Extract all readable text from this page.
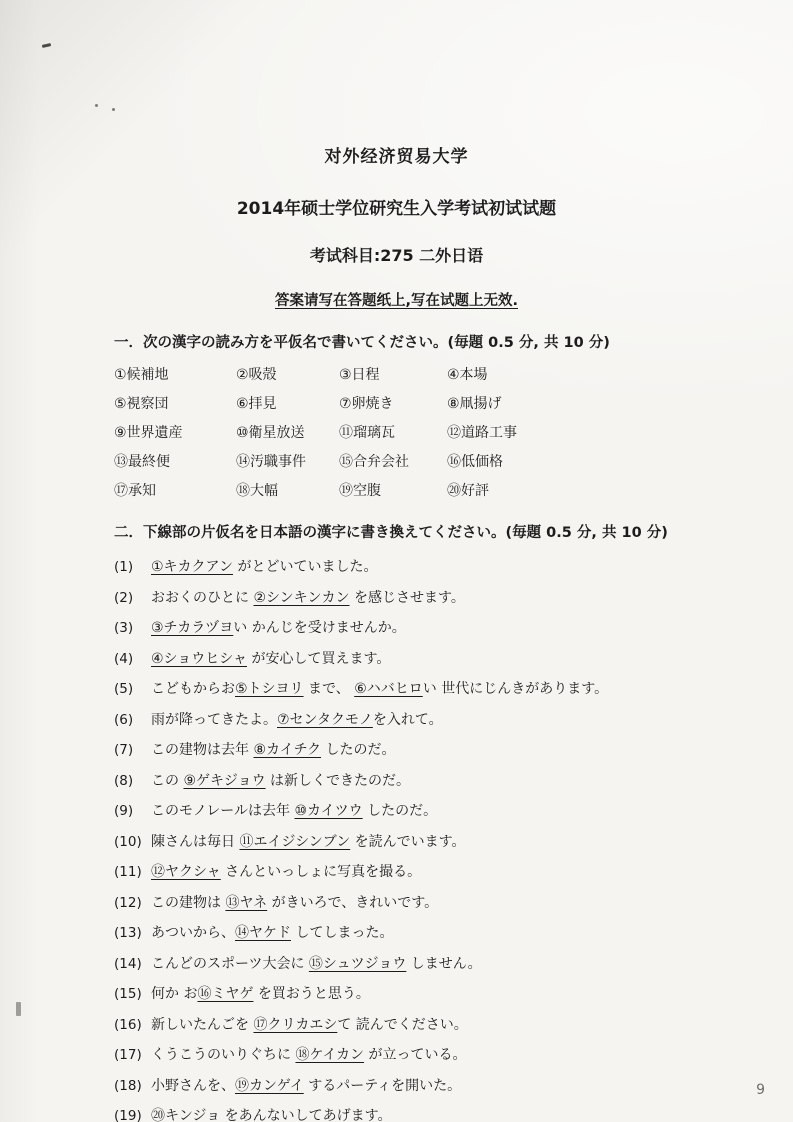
对外经济贸易大学
2014年硕士学位研究生入学考试初试试题
考试科目:275 二外日语
答案请写在答题纸上,写在试题上无效.
一．次の漢字の読み方を平仮名で書いてください。(毎題 0.5 分, 共 10 分)
①候補地	②吸殻	③日程	④本場
⑤視察団	⑥拝見	⑦卵焼き	⑧凧揚げ
⑨世界遺産	⑩衛星放送	⑪瑠璃瓦	⑫道路工事
⑬最終便	⑭汚職事件	⑮合弁会社	⑯低価格
⑰承知	⑱大幅	⑲空腹	⑳好評
二．下線部の片仮名を日本語の漢字に書き換えてください。(毎題 0.5 分, 共 10 分)
(1)	①キカクアン がとどいていました。
(2)	おおくのひとに ②シンキンカン を感じさせます。
(3)	③チカラヅヨい かんじを受けませんか。
(4)	④ショウヒシャ が安心して買えます。
(5)	こどもからお⑤トシヨリ まで、 ⑥ハバヒロい 世代にじんきがあります。
(6)	雨が降ってきたよ。⑦センタクモノを入れて。
(7)	この建物は去年 ⑧カイチク したのだ。
(8)	この ⑨ゲキジョウ は新しくできたのだ。
(9)	このモノレールは去年 ⑩カイツウ したのだ。
(10) 陳さんは毎日 ⑪エイジシンブン を読んでいます。
(11) ⑫ヤクシャ さんといっしょに写真を撮る。
(12) この建物は ⑬ヤネ がきいろで、きれいです。
(13) あついから、⑭ヤケド してしまった。
(14) こんどのスポーツ大会に ⑮シュツジョウ しません。
(15) 何か お⑯ミヤゲ を買おうと思う。
(16) 新しいたんごを ⑰クリカエシて 読んでください。
(17) くうこうのいりぐちに ⑱ケイカン が立っている。
(18) 小野さんを、⑲カンゲイ するパーティを開いた。
(19) ⑳キンジョ をあんないしてあげます。
9
